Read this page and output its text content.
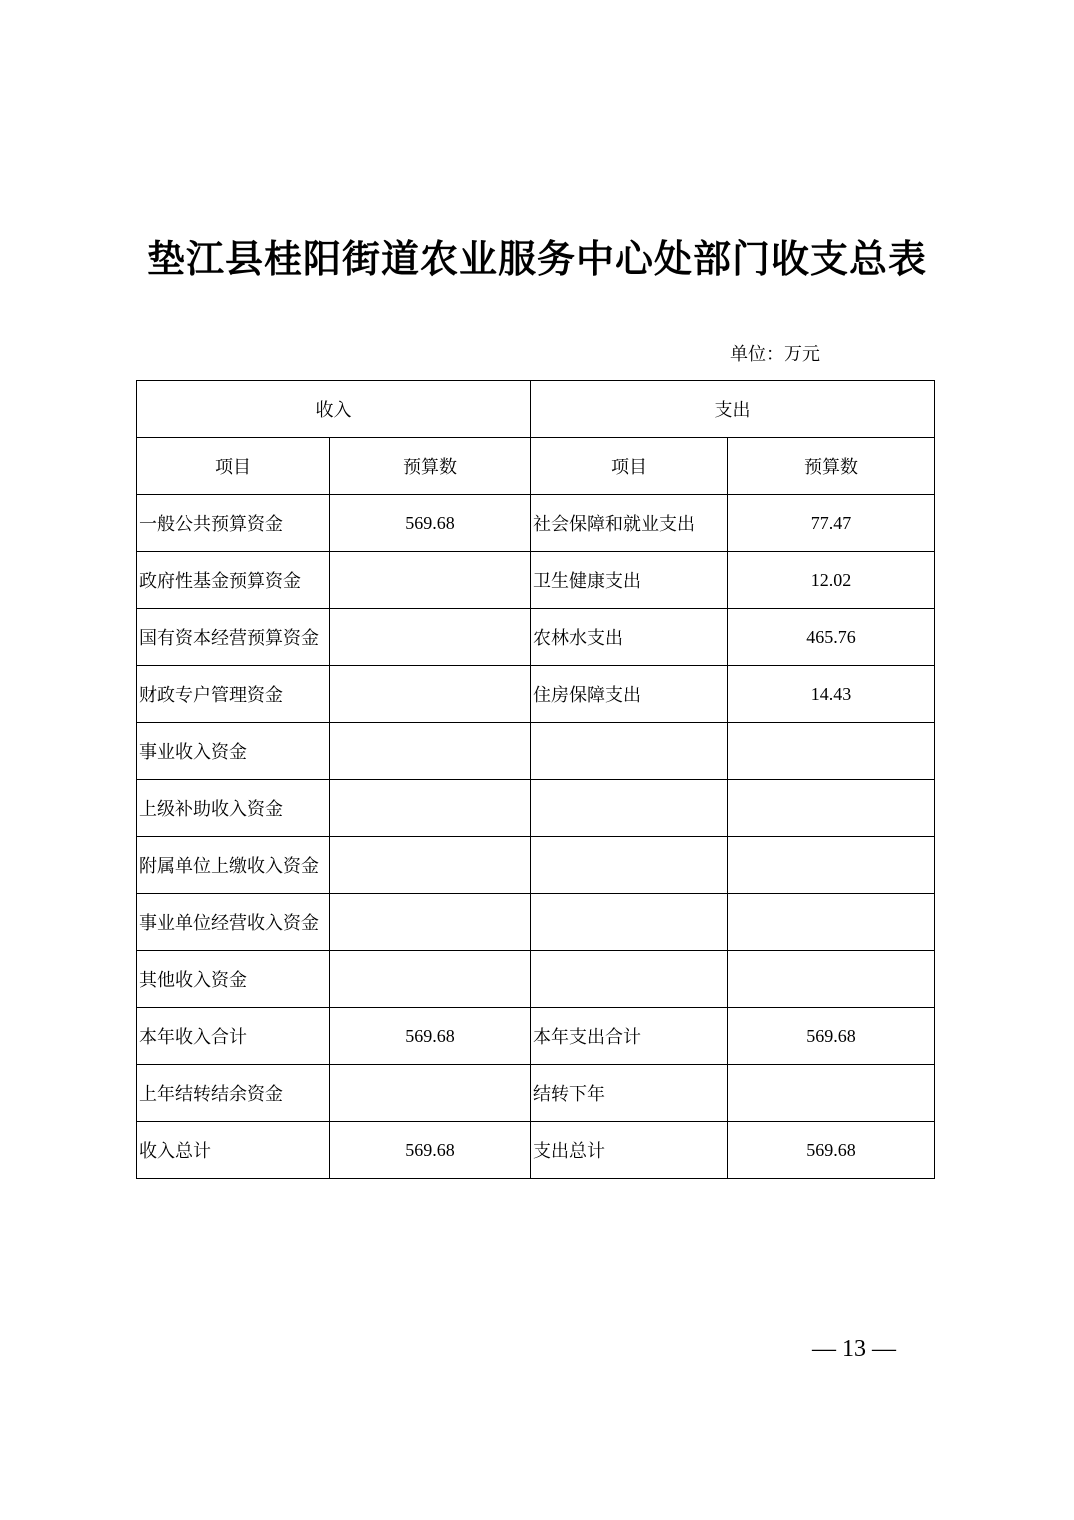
垫江县桂阳街道农业服务中心处部门收支总表
单位：万元
收入		支出	
项目	预算数	项目	预算数
一般公共预算资金	569.68	社会保障和就业支出	77.47
政府性基金预算资金		卫生健康支出	12.02
国有资本经营预算资金		农林水支出	465.76
财政专户管理资金		住房保障支出	14.43
事业收入资金			
上级补助收入资金			
附属单位上缴收入资金			
事业单位经营收入资金			
其他收入资金			
本年收入合计	569.68	本年支出合计	569.68
上年结转结余资金		结转下年	
收入总计	569.68	支出总计	569.68
— 13 —
